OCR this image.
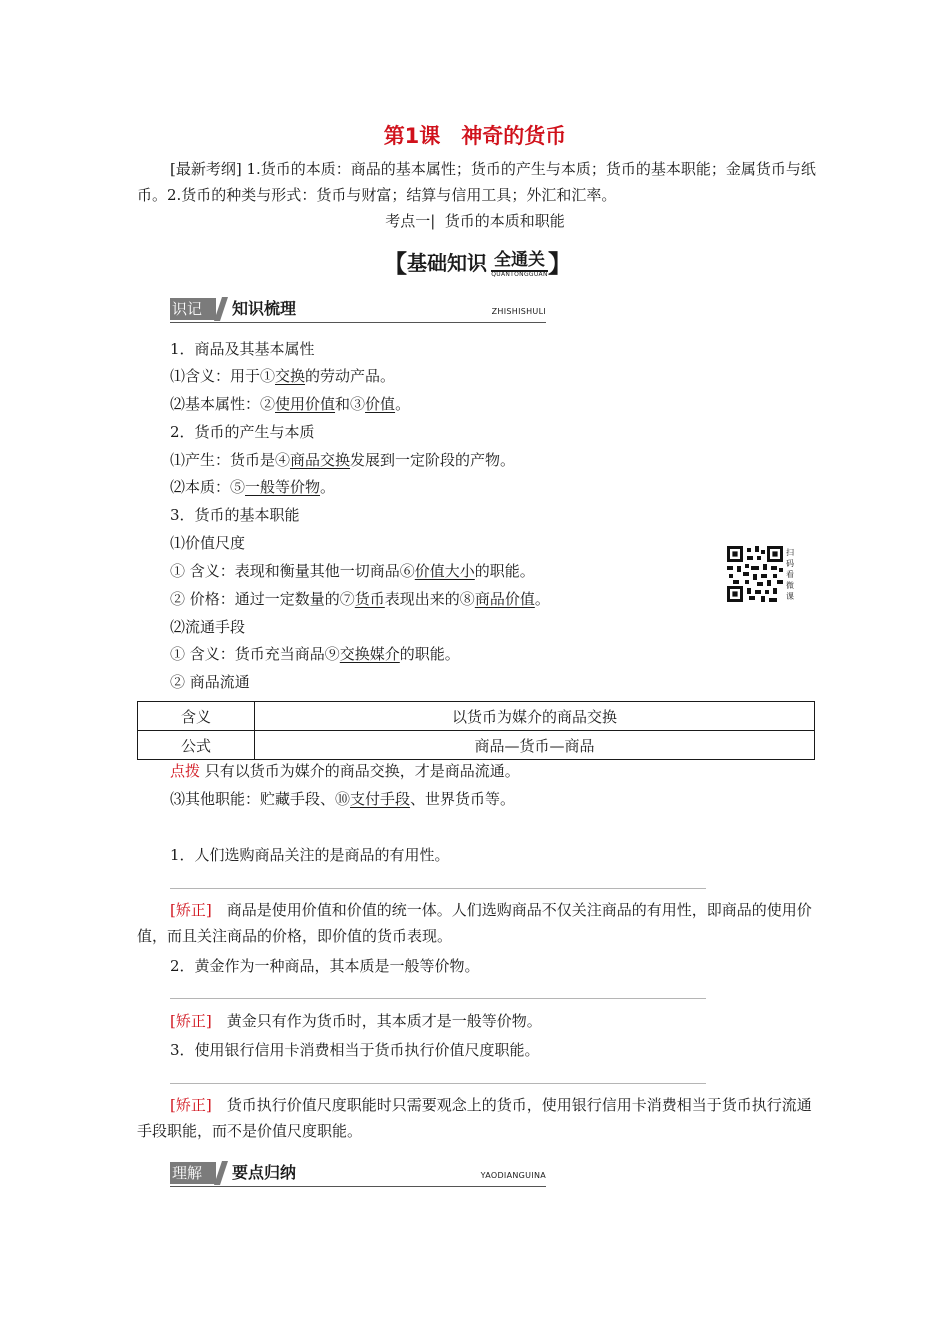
第1课　神奇的货币
[最新考纲] 1.货币的本质：商品的基本属性；货币的产生与本质；货币的基本职能；金属货币与纸币。2.货币的种类与形式：货币与财富；结算与信用工具；外汇和汇率。
考点一|  货币的本质和职能
【 基础知识 全通关
QUANTONGGUAN 】
识记	知识梳理	ZHISHISHULI
1．商品及其基本属性
⑴含义：用于①交换的劳动产品。
⑵基本属性：②使用价值和③价值。
2．货币的产生与本质
⑴产生：货币是④商品交换发展到一定阶段的产物。
⑵本质：⑤一般等价物。
3．货币的基本职能
⑴价值尺度
① 含义：表现和衡量其他一切商品⑥价值大小的职能。
② 价格：通过一定数量的⑦货币表现出来的⑧商品价值。
⑵流通手段
① 含义：货币充当商品⑨交换媒介的职能。
② 商品流通
扫码看微课
含义	以货币为媒介的商品交换
公式	商品—货币—商品
点拨 只有以货币为媒介的商品交换，才是商品流通。
⑶其他职能：贮藏手段、⑩支付手段、世界货币等。
1．人们选购商品关注的是商品的有用性。
[矫正]　 商品是使用价值和价值的统一体。人们选购商品不仅关注商品的有用性，即商品的使用价值，而且关注商品的价格，即价值的货币表现。
2．黄金作为一种商品，其本质是一般等价物。
[矫正]　 黄金只有作为货币时，其本质才是一般等价物。
3．使用银行信用卡消费相当于货币执行价值尺度职能。
[矫正]　 货币执行价值尺度职能时只需要观念上的货币，使用银行信用卡消费相当于货币执行流通手段职能，而不是价值尺度职能。
理解	要点归纳	YAODIANGUINA
